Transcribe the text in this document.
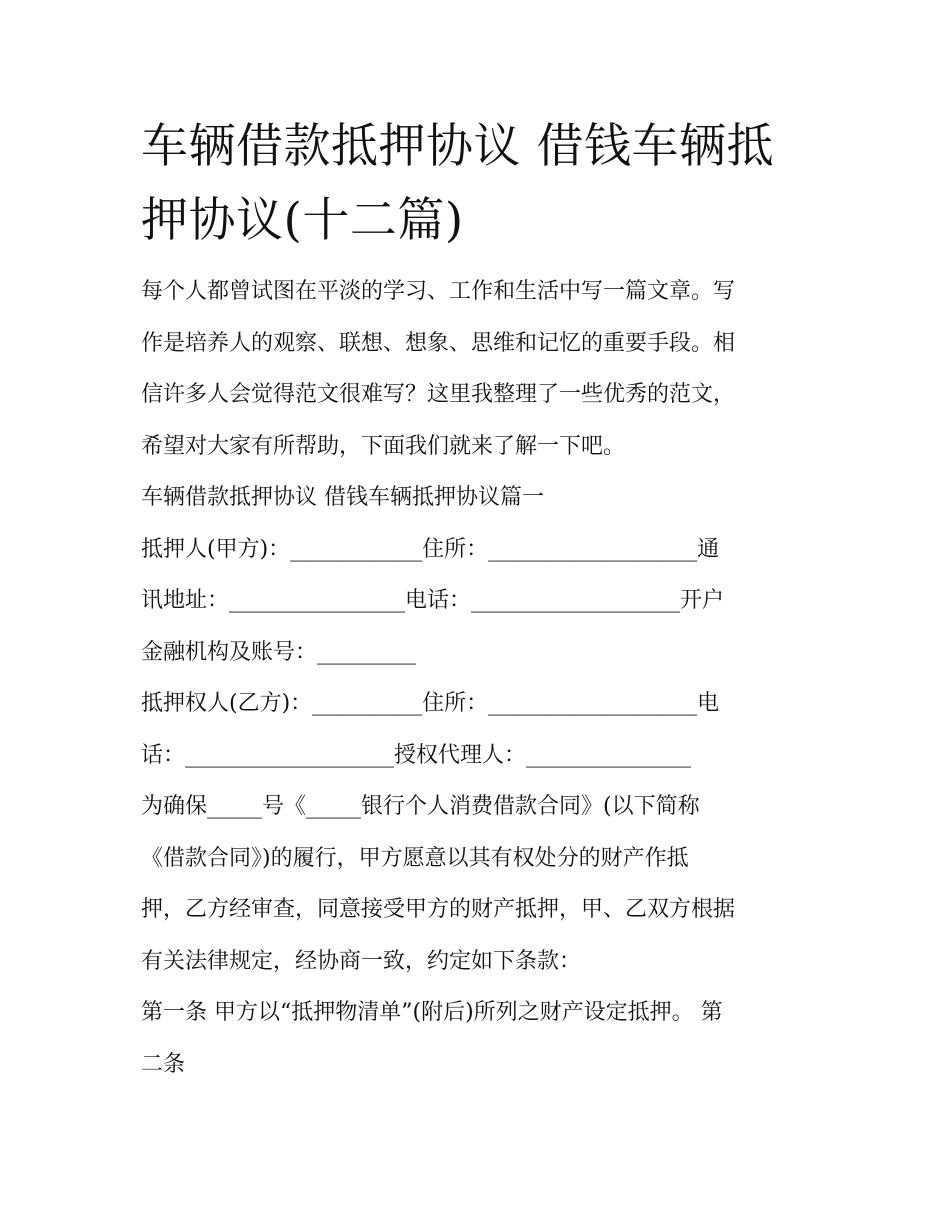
车辆借款抵押协议 借钱车辆抵
押协议(十二篇)
每个人都曾试图在平淡的学习、工作和生活中写一篇文章。写
作是培养人的观察、联想、想象、思维和记忆的重要手段。相
信许多人会觉得范文很难写？这里我整理了一些优秀的范文，
希望对大家有所帮助，下面我们就来了解一下吧。
车辆借款抵押协议 借钱车辆抵押协议篇一
抵押人(甲方)：____________住所：___________________通
讯地址：________________电话：___________________开户
金融机构及账号：_________
抵押权人(乙方)：__________住所：___________________电
话：___________________授权代理人：_______________
为确保_____号《_____银行个人消费借款合同》(以下简称
《借款合同》)的履行，甲方愿意以其有权处分的财产作抵
押，乙方经审查，同意接受甲方的财产抵押，甲、乙双方根据
有关法律规定，经协商一致，约定如下条款：
第一条 甲方以“抵押物清单”(附后)所列之财产设定抵押。 第
二条
